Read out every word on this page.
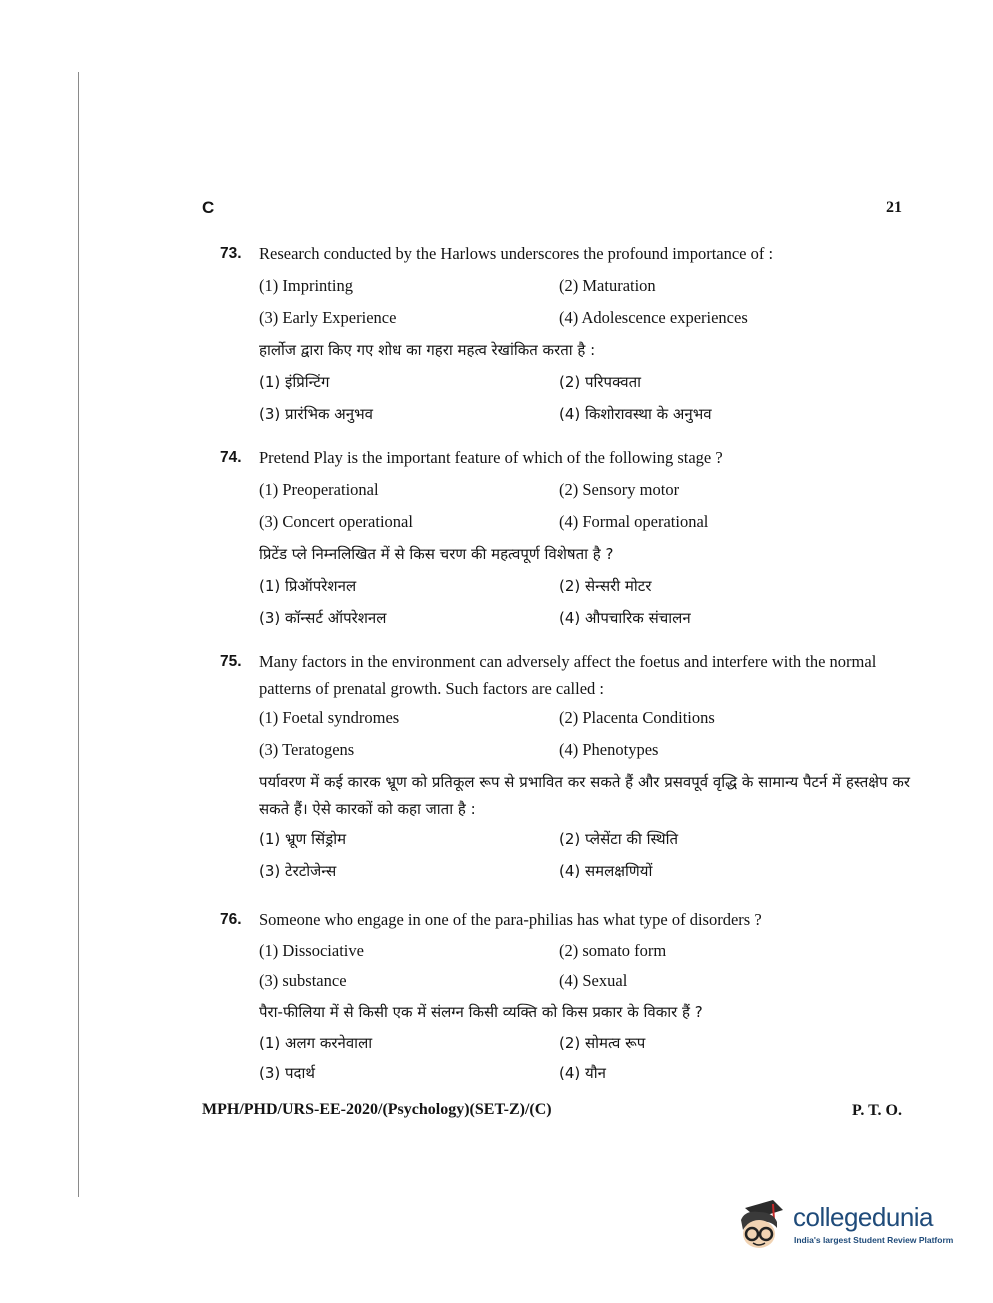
C	21
73.	Research conducted by the Harlows underscores the profound importance of :
(1) Imprinting	(2) Maturation
(3) Early Experience	(4) Adolescence experiences
हार्लोज द्वारा किए गए शोध का गहरा महत्व रेखांकित करता है :
(1) इंप्रिन्टिंग	(2) परिपक्वता
(3) प्रारंभिक अनुभव	(4) किशोरावस्था के अनुभव
74.	Pretend Play is the important feature of which of the following stage ?
(1) Preoperational	(2) Sensory motor
(3) Concert operational	(4) Formal operational
प्रिटेंड प्ले निम्नलिखित में से किस चरण की महत्वपूर्ण विशेषता है ?
(1) प्रिऑपरेशनल	(2) सेन्सरी मोटर
(3) कॉन्सर्ट ऑपरेशनल	(4) औपचारिक संचालन
75.	Many factors in the environment can adversely affect the foetus and interfere with the normal patterns of prenatal growth. Such factors are called :
(1) Foetal syndromes	(2) Placenta Conditions
(3) Teratogens	(4) Phenotypes
पर्यावरण में कई कारक भ्रूण को प्रतिकूल रूप से प्रभावित कर सकते हैं और प्रसवपूर्व वृद्धि के सामान्य पैटर्न में हस्तक्षेप कर सकते हैं। ऐसे कारकों को कहा जाता है :
(1) भ्रूण सिंड्रोम	(2) प्लेसेंटा की स्थिति
(3) टेरटोजेन्स	(4) समलक्षणियों
76.	Someone who engage in one of the para-philias has what type of disorders ?
(1) Dissociative	(2) somato form
(3) substance	(4) Sexual
पैरा-फीलिया में से किसी एक में संलग्न किसी व्यक्ति को किस प्रकार के विकार हैं ?
(1) अलग करनेवाला	(2) सोमत्व रूप
(3) पदार्थ	(4) यौन
MPH/PHD/URS-EE-2020/(Psychology)(SET-Z)/(C)	P. T. O.
collegedunia
India's largest Student Review Platform
